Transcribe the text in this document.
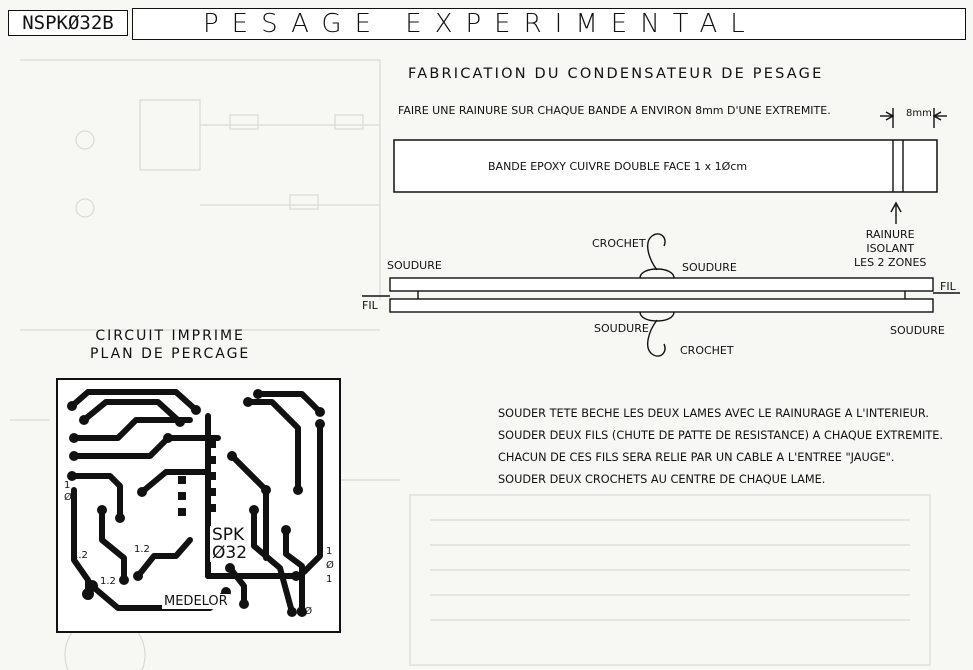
NSPKØ32B	PESAGE EXPERIMENTAL
FABRICATION DU CONDENSATEUR DE PESAGE
FAIRE UNE RAINURE SUR CHAQUE BANDE A ENVIRON 8mm D'UNE EXTREMITE.	8mm
BANDE EPOXY CUIVRE DOUBLE FACE 1 x 1Øcm
RAINURE
ISOLANT
LES 2 ZONES
CROCHET
SOUDURE	SOUDURE
FIL
FIL
SOUDURE	SOUDURE
CROCHET
SOUDER TETE BECHE LES DEUX LAMES AVEC LE RAINURAGE A L'INTERIEUR.
SOUDER DEUX FILS (CHUTE DE PATTE DE RESISTANCE) A CHAQUE EXTREMITE.
CHACUN DE CES FILS SERA RELIE PAR UN CABLE A L'ENTREE "JAUGE".
SOUDER DEUX CROCHETS AU CENTRE DE CHAQUE LAME.
CIRCUIT IMPRIME
PLAN DE PERCAGE
SPK
Ø32
MEDELOR
1
Ø
1.2
1.2
1.2
1
Ø
1
1ØØ
